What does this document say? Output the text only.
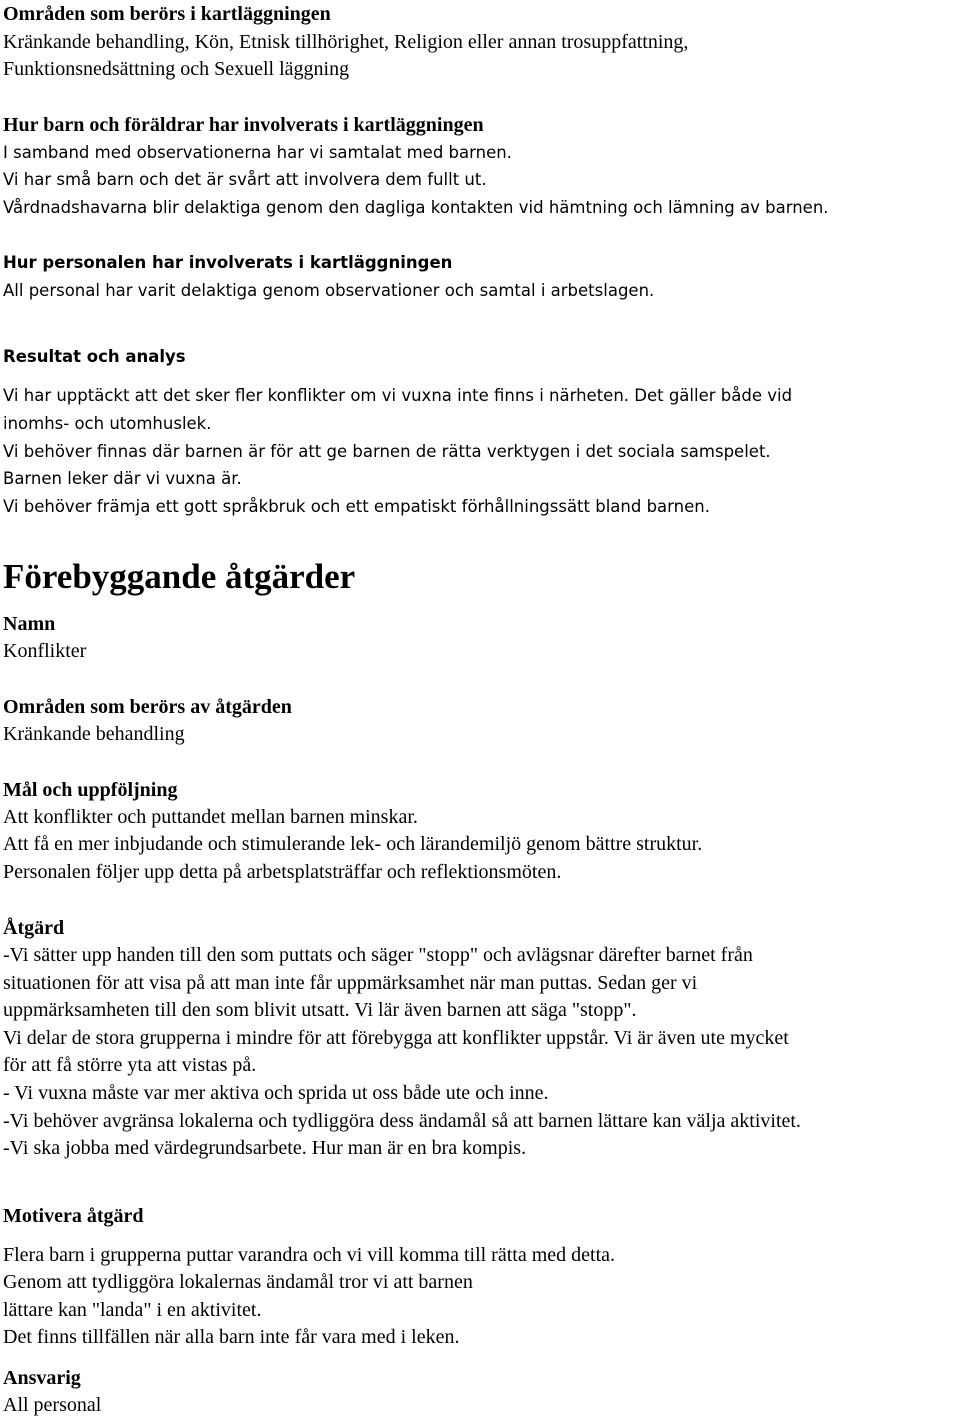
Områden som berörs i kartläggningen
Kränkande behandling, Kön, Etnisk tillhörighet, Religion eller annan trosuppfattning,
Funktionsnedsättning och Sexuell läggning
Hur barn och föräldrar har involverats i kartläggningen
I samband med observationerna har vi samtalat med barnen.
Vi har små barn och det är svårt att involvera dem fullt ut.
Vårdnadshavarna blir delaktiga genom den dagliga kontakten vid hämtning och lämning av barnen.
Hur personalen har involverats i kartläggningen
All personal har varit delaktiga genom observationer och samtal i arbetslagen.
Resultat och analys
Vi har upptäckt att det sker fler konflikter om vi vuxna inte finns i närheten. Det gäller både vid
inomhs- och utomhuslek.
Vi behöver finnas där barnen är för att ge barnen de rätta verktygen i det sociala samspelet.
Barnen leker där vi vuxna är.
Vi behöver främja ett gott språkbruk och ett empatiskt förhållningssätt bland barnen.
Förebyggande åtgärder
Namn
Konflikter
Områden som berörs av åtgärden
Kränkande behandling
Mål och uppföljning
Att konflikter och puttandet mellan barnen minskar.
Att få en mer inbjudande och stimulerande lek- och lärandemiljö genom bättre struktur.
Personalen följer upp detta på arbetsplatsträffar och reflektionsmöten.
Åtgärd
-Vi sätter upp handen till den som puttats och säger "stopp" och avlägsnar därefter barnet från
situationen för att visa på att man inte får uppmärksamhet när man puttas. Sedan ger vi
uppmärksamheten till den som blivit utsatt. Vi lär även barnen att säga "stopp".
Vi delar de stora grupperna i mindre för att förebygga att konflikter uppstår. Vi är även ute mycket
för att få större yta att vistas på.
- Vi vuxna måste var mer aktiva och sprida ut oss både ute och inne.
-Vi behöver avgränsa lokalerna och tydliggöra dess ändamål så att barnen lättare kan välja aktivitet.
-Vi ska jobba med värdegrundsarbete. Hur man är en bra kompis.
Motivera åtgärd
Flera barn i grupperna puttar varandra och vi vill komma till rätta med detta.
Genom att tydliggöra lokalernas ändamål tror vi att barnen
lättare kan "landa" i en aktivitet.
Det finns tillfällen när alla barn inte får vara med i leken.
Ansvarig
All personal
